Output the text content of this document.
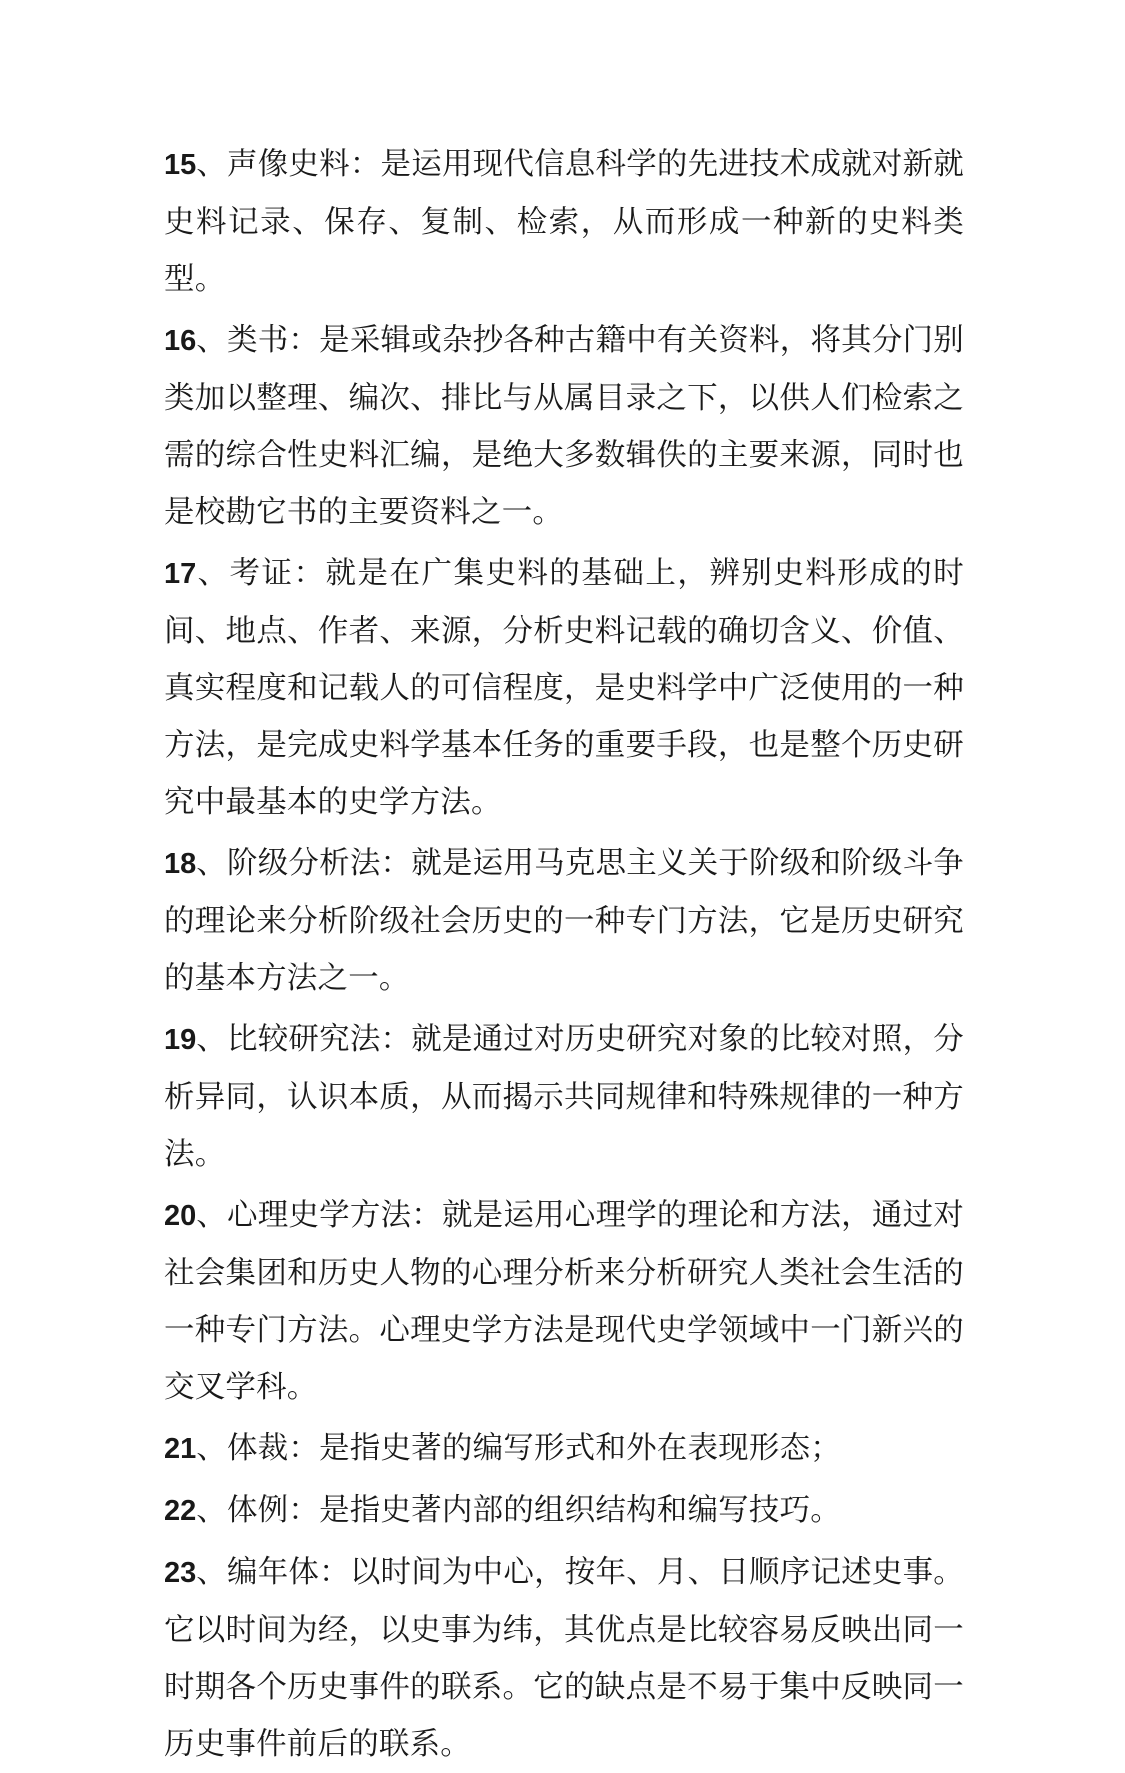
15、声像史料：是运用现代信息科学的先进技术成就对新就史料记录、保存、复制、检索，从而形成一种新的史料类型。

16、类书：是采辑或杂抄各种古籍中有关资料，将其分门别类加以整理、编次、排比与从属目录之下，以供人们检索之需的综合性史料汇编，是绝大多数辑佚的主要来源，同时也是校勘它书的主要资料之一。

17、考证：就是在广集史料的基础上，辨别史料形成的时间、地点、作者、来源，分析史料记载的确切含义、价值、真实程度和记载人的可信程度，是史料学中广泛使用的一种方法，是完成史料学基本任务的重要手段，也是整个历史研究中最基本的史学方法。

18、阶级分析法：就是运用马克思主义关于阶级和阶级斗争的理论来分析阶级社会历史的一种专门方法，它是历史研究的基本方法之一。

19、比较研究法：就是通过对历史研究对象的比较对照，分析异同，认识本质，从而揭示共同规律和特殊规律的一种方法。

20、心理史学方法：就是运用心理学的理论和方法，通过对社会集团和历史人物的心理分析来分析研究人类社会生活的一种专门方法。心理史学方法是现代史学领域中一门新兴的交叉学科。

21、体裁：是指史著的编写形式和外在表现形态；

22、体例：是指史著内部的组织结构和编写技巧。

23、编年体：以时间为中心，按年、月、日顺序记述史事。它以时间为经，以史事为纬，其优点是比较容易反映出同一时期各个历史事件的联系。它的缺点是不易于集中反映同一历史事件前后的联系。
